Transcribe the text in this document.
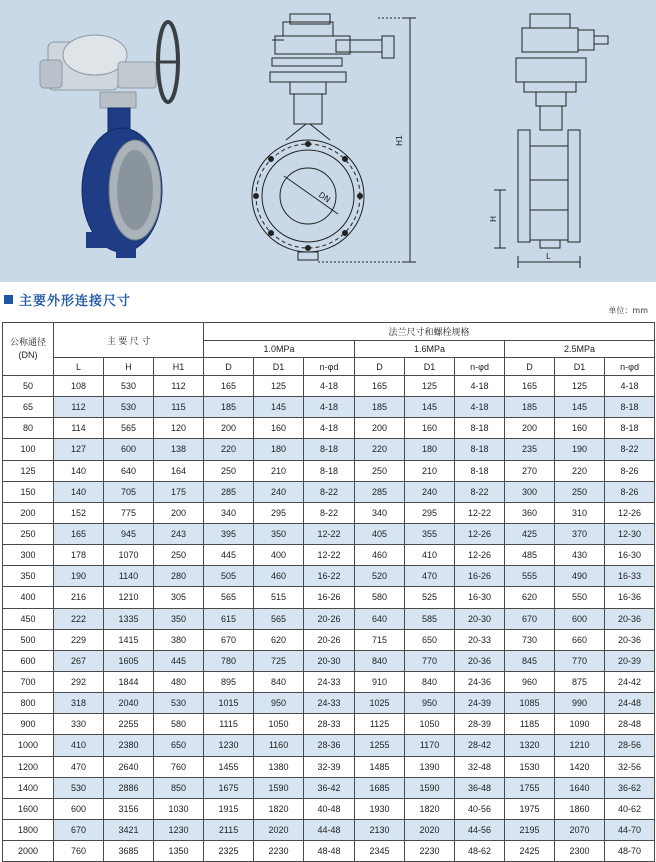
H1
H
DN
L
主要外形连接尺寸
单位：mm
公称通径
(DN)	主 要 尺 寸			法兰尺寸和螺栓规格								
				1.0MPa			1.6MPa			2.5MPa		
	L	H	H1	D	D1	n-φd	D	D1	n-φd	D	D1	n-φd
50	108	530	112	165	125	4-18	165	125	4-18	165	125	4-18
65	112	530	115	185	145	4-18	185	145	4-18	185	145	8-18
80	114	565	120	200	160	4-18	200	160	8-18	200	160	8-18
100	127	600	138	220	180	8-18	220	180	8-18	235	190	8-22
125	140	640	164	250	210	8-18	250	210	8-18	270	220	8-26
150	140	705	175	285	240	8-22	285	240	8-22	300	250	8-26
200	152	775	200	340	295	8-22	340	295	12-22	360	310	12-26
250	165	945	243	395	350	12-22	405	355	12-26	425	370	12-30
300	178	1070	250	445	400	12-22	460	410	12-26	485	430	16-30
350	190	1140	280	505	460	16-22	520	470	16-26	555	490	16-33
400	216	1210	305	565	515	16-26	580	525	16-30	620	550	16-36
450	222	1335	350	615	565	20-26	640	585	20-30	670	600	20-36
500	229	1415	380	670	620	20-26	715	650	20-33	730	660	20-36
600	267	1605	445	780	725	20-30	840	770	20-36	845	770	20-39
700	292	1844	480	895	840	24-33	910	840	24-36	960	875	24-42
800	318	2040	530	1015	950	24-33	1025	950	24-39	1085	990	24-48
900	330	2255	580	1115	1050	28-33	1125	1050	28-39	1185	1090	28-48
1000	410	2380	650	1230	1160	28-36	1255	1170	28-42	1320	1210	28-56
1200	470	2640	760	1455	1380	32-39	1485	1390	32-48	1530	1420	32-56
1400	530	2886	850	1675	1590	36-42	1685	1590	36-48	1755	1640	36-62
1600	600	3156	1030	1915	1820	40-48	1930	1820	40-56	1975	1860	40-62
1800	670	3421	1230	2115	2020	44-48	2130	2020	44-56	2195	2070	44-70
2000	760	3685	1350	2325	2230	48-48	2345	2230	48-62	2425	2300	48-70
